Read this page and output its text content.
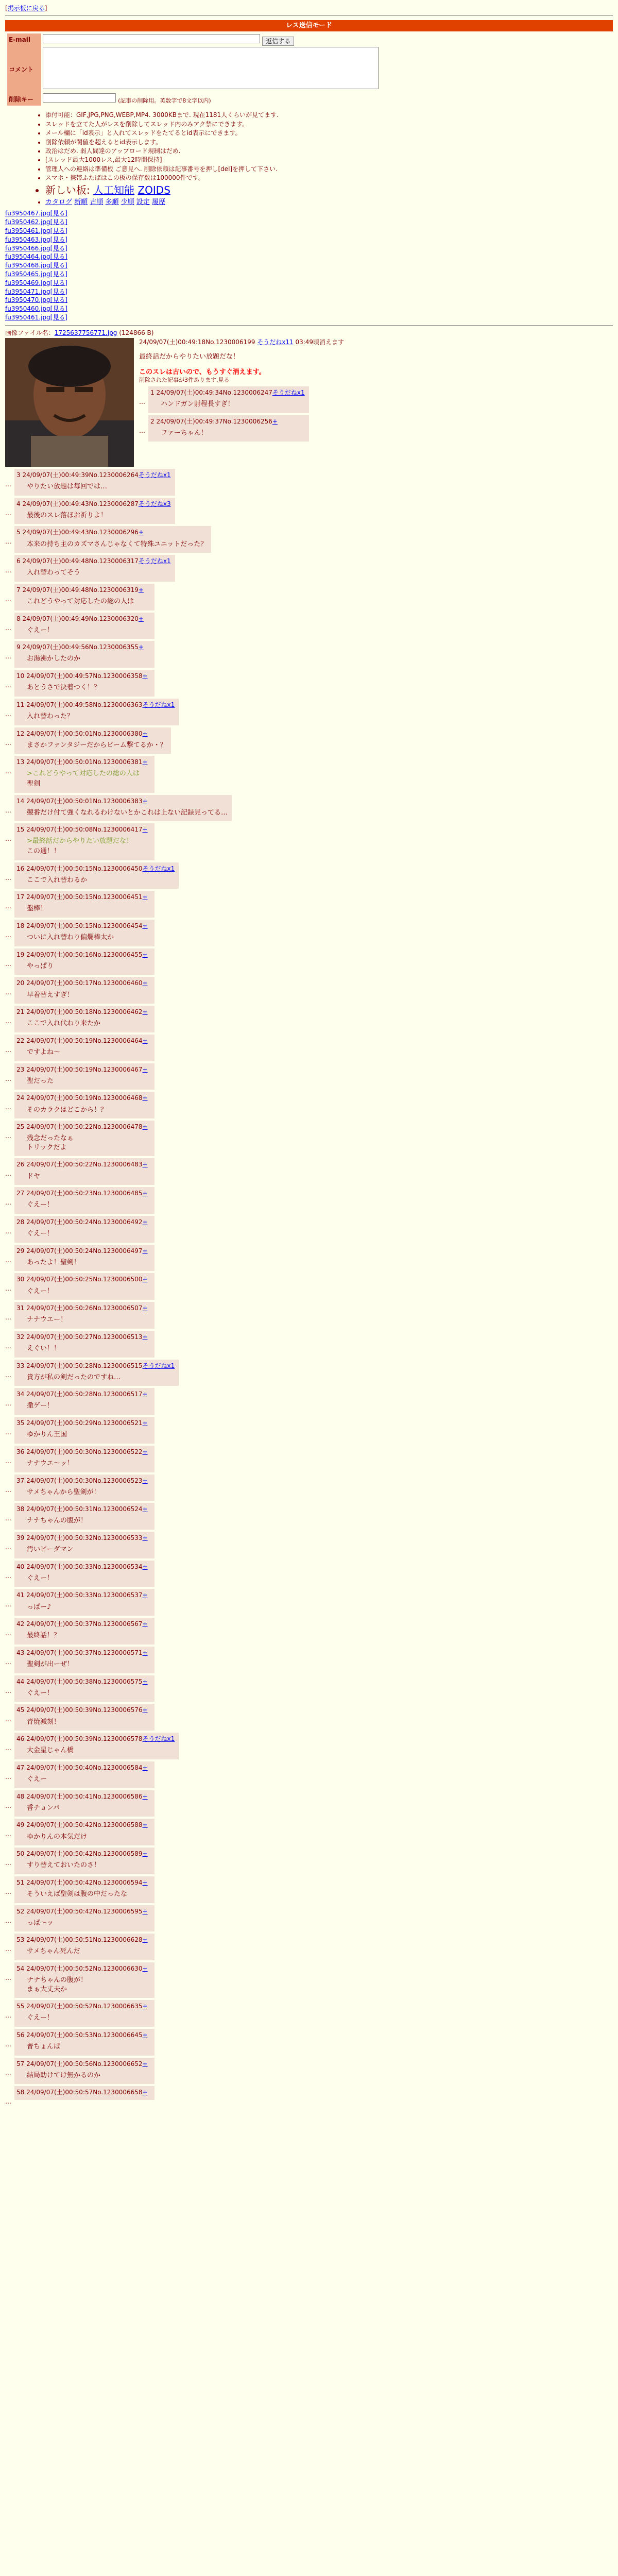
[掲示板に戻る]
レス送信モード
E-mail	返信する
コメント	
削除キー	(記事の削除用。英数字で8文字以内)
• 添付可能：GIF,JPG,PNG,WEBP,MP4. 3000KBまで. 現在1181人くらいが見てます.
• スレッドを立てた人がレスを削除してスレッド内のみアク禁にできます。
• メール欄に「id表示」と入れてスレッドをたてるとid表示にできます。
• 削除依頼が閾値を超えるとid表示します。
• 政治はだめ. 弱人間達のアップロード規制はだめ.
• [スレッド最大1000レス,最大12時間保持]
• 管理人への連絡は準備板 ご意見へ. 削除依頼は記事番号を押し[del]を押して下さい.
• スマホ・携帯ふたばはこの板の保存数は100000件です。
• 新しい板: 人工知能 ZOIDS
• カタログ 新順 古順 多順 少順 設定 履歴
fu3950467.jpg[見る]
fu3950462.jpg[見る]
fu3950461.jpg[見る]
fu3950463.jpg[見る]
fu3950466.jpg[見る]
fu3950464.jpg[見る]
fu3950468.jpg[見る]
fu3950465.jpg[見る]
fu3950469.jpg[見る]
fu3950471.jpg[見る]
fu3950470.jpg[見る]
fu3950460.jpg[見る]
fu3950461.jpg[見る]
画像ファイル名：1725637756771.jpg (124866 B)
24/09/07(土)00:49:18No.1230006199 そうだねx11 03:49頃消えます
最終話だからやりたい放題だな！
このスレは古いので、もうすぐ消えます。
削除された記事が3件あります.見る
…
1 24/09/07(土)00:49:34No.1230006247そうだねx1
ハンドガン射程長すぎ！
…
2 24/09/07(土)00:49:37No.1230006256+
ファーちゃん！
…
3 24/09/07(土)00:49:39No.1230006264そうだねx1
やりたい放題は毎回では…
…
4 24/09/07(土)00:49:43No.1230006287そうだねx3
最後のスレ落ほお祈りよ！
…
5 24/09/07(土)00:49:43No.1230006296+
本来の持ち主のカズマさんじゃなくて特殊ユニットだった？
…
6 24/09/07(土)00:49:48No.1230006317そうだねx1
入れ替わってそう
…
7 24/09/07(土)00:49:48No.1230006319+
これどうやって対応したの総の人は
…
8 24/09/07(土)00:49:49No.1230006320+
ぐえー！
…
9 24/09/07(土)00:49:56No.1230006355+
お湯沸かしたのか
…
10 24/09/07(土)00:49:57No.1230006358+
あとうさで決着つく！？
…
11 24/09/07(土)00:49:58No.1230006363そうだねx1
入れ替わった？
…
12 24/09/07(土)00:50:01No.1230006380+
まさかファンタジーだからビーム撃てるか・？
…
13 24/09/07(土)00:50:01No.1230006381+
>これどうやって対応したの総の人は
聖剣
…
14 24/09/07(土)00:50:01No.1230006383+
競番だけ付て強くなれるわけないとかこれは上ない記録見ってる…
…
15 24/09/07(土)00:50:08No.1230006417+
>最終話だからやりたい放題だな！
この通！！
…
16 24/09/07(土)00:50:15No.1230006450そうだねx1
ここで入れ替わるか
…
17 24/09/07(土)00:50:15No.1230006451+
盤棒！
…
18 24/09/07(土)00:50:15No.1230006454+
ついに入れ替わり偏爛棒太か
…
19 24/09/07(土)00:50:16No.1230006455+
やっぱり
…
20 24/09/07(土)00:50:17No.1230006460+
早着替えすぎ！
…
21 24/09/07(土)00:50:18No.1230006462+
ここで入れ代わり来たか
…
22 24/09/07(土)00:50:19No.1230006464+
ですよね～
…
23 24/09/07(土)00:50:19No.1230006467+
聖だった
…
24 24/09/07(土)00:50:19No.1230006468+
そのカラクはどこから！？
…
25 24/09/07(土)00:50:22No.1230006478+
残念だったなぁ
トリックだよ
…
26 24/09/07(土)00:50:22No.1230006483+
ドヤ
…
27 24/09/07(土)00:50:23No.1230006485+
ぐえー！
…
28 24/09/07(土)00:50:24No.1230006492+
ぐえー！
…
29 24/09/07(土)00:50:24No.1230006497+
あったよ！聖剣！
…
30 24/09/07(土)00:50:25No.1230006500+
ぐえー！
…
31 24/09/07(土)00:50:26No.1230006507+
ナナウエー！
…
32 24/09/07(土)00:50:27No.1230006513+
えぐい！！
…
33 24/09/07(土)00:50:28No.1230006515そうだねx1
貴方が私の剣だったのですね…
…
34 24/09/07(土)00:50:28No.1230006517+
撒ゲー！
…
35 24/09/07(土)00:50:29No.1230006521+
ゆかりん王国
…
36 24/09/07(土)00:50:30No.1230006522+
ナナウエ～ッ！
…
37 24/09/07(土)00:50:30No.1230006523+
サメちゃんから聖剣が！
…
38 24/09/07(土)00:50:31No.1230006524+
ナナちゃんの腹が！
…
39 24/09/07(土)00:50:32No.1230006533+
汚いビーダマン
…
40 24/09/07(土)00:50:33No.1230006534+
ぐえー！
…
41 24/09/07(土)00:50:33No.1230006537+
っぱー♪
…
42 24/09/07(土)00:50:37No.1230006567+
最終話！？
…
43 24/09/07(土)00:50:37No.1230006571+
聖剣が出ーぜ！
…
44 24/09/07(土)00:50:38No.1230006575+
ぐえー！
…
45 24/09/07(土)00:50:39No.1230006576+
青焼減刻！
…
46 24/09/07(土)00:50:39No.1230006578そうだねx1
大金星じゃん橋
…
47 24/09/07(土)00:50:40No.1230006584+
ぐえー
…
48 24/09/07(土)00:50:41No.1230006586+
香チョンバ
…
49 24/09/07(土)00:50:42No.1230006588+
ゆかりんの本気だけ
…
50 24/09/07(土)00:50:42No.1230006589+
すり替えておいたのさ！
…
51 24/09/07(土)00:50:42No.1230006594+
そういえば聖剣は腹の中だったな
…
52 24/09/07(土)00:50:42No.1230006595+
っぱ～ッ
…
53 24/09/07(土)00:50:51No.1230006628+
サメちゃん死んだ
…
54 24/09/07(土)00:50:52No.1230006630+
ナナちゃんの腹が！
まぁ大丈夫か
…
55 24/09/07(土)00:50:52No.1230006635+
ぐえー！
…
56 24/09/07(土)00:50:53No.1230006645+
普ちょんば
…
57 24/09/07(土)00:50:56No.1230006652+
結局助けてけ無かるのか
…
58 24/09/07(土)00:50:57No.1230006658+
